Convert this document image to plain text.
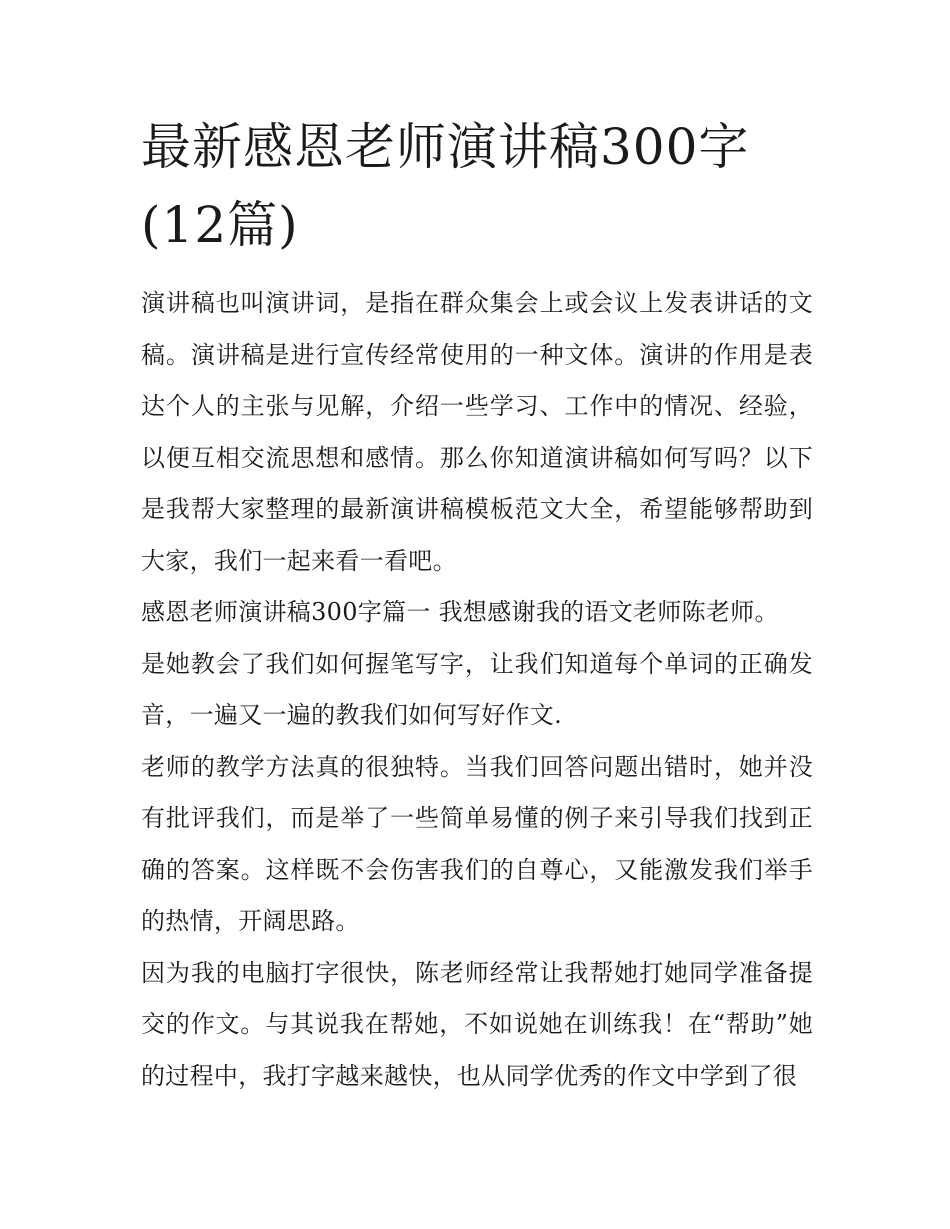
最新感恩老师演讲稿300字(12篇)

演讲稿也叫演讲词，是指在群众集会上或会议上发表讲话的文稿。演讲稿是进行宣传经常使用的一种文体。演讲的作用是表达个人的主张与见解，介绍一些学习、工作中的情况、经验，以便互相交流思想和感情。那么你知道演讲稿如何写吗？以下是我帮大家整理的最新演讲稿模板范文大全，希望能够帮助到大家，我们一起来看一看吧。

感恩老师演讲稿300字篇一 我想感谢我的语文老师陈老师。

是她教会了我们如何握笔写字，让我们知道每个单词的正确发音，一遍又一遍的教我们如何写好作文.

老师的教学方法真的很独特。当我们回答问题出错时，她并没有批评我们，而是举了一些简单易懂的例子来引导我们找到正确的答案。这样既不会伤害我们的自尊心，又能激发我们举手的热情，开阔思路。

因为我的电脑打字很快，陈老师经常让我帮她打她同学准备提交的作文。与其说我在帮她，不如说她在训练我！在“帮助”她的过程中，我打字越来越快，也从同学优秀的作文中学到了很
